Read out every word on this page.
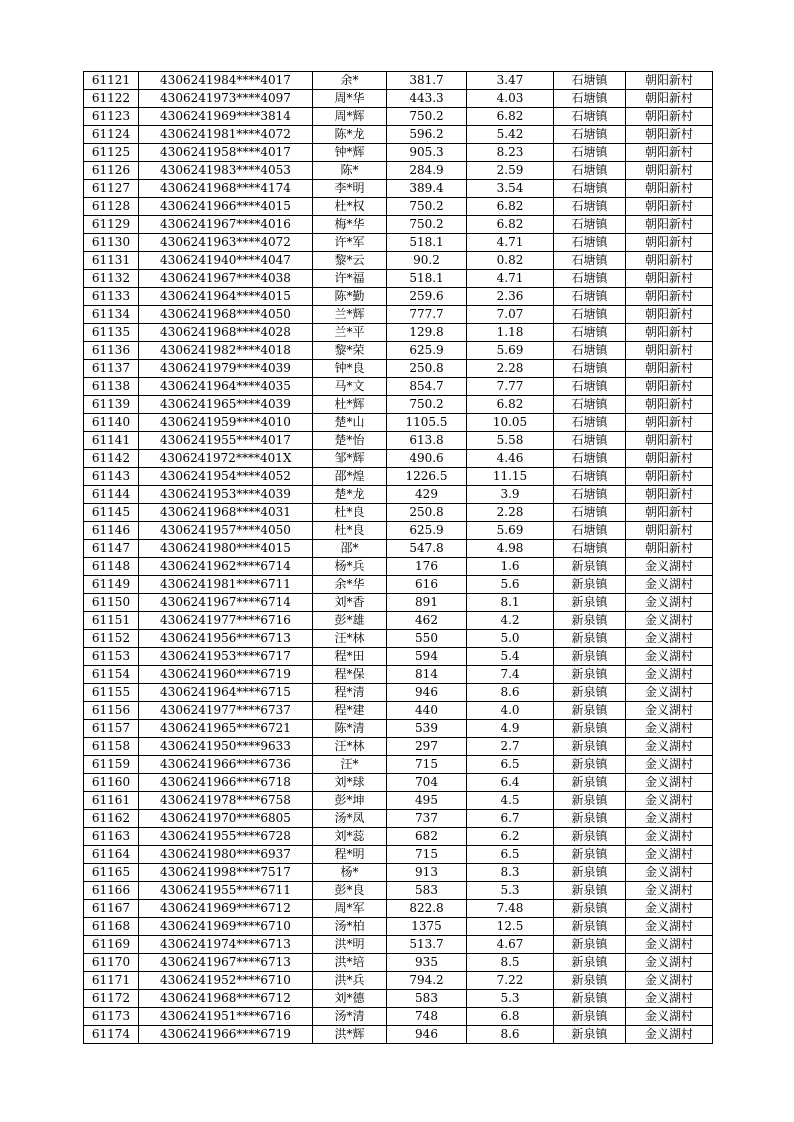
61121	4306241984****4017	余*	381.7	3.47	石塘镇	朝阳新村
61122	4306241973****4097	周*华	443.3	4.03	石塘镇	朝阳新村
61123	4306241969****3814	周*辉	750.2	6.82	石塘镇	朝阳新村
61124	4306241981****4072	陈*龙	596.2	5.42	石塘镇	朝阳新村
61125	4306241958****4017	钟*辉	905.3	8.23	石塘镇	朝阳新村
61126	4306241983****4053	陈*	284.9	2.59	石塘镇	朝阳新村
61127	4306241968****4174	李*明	389.4	3.54	石塘镇	朝阳新村
61128	4306241966****4015	杜*权	750.2	6.82	石塘镇	朝阳新村
61129	4306241967****4016	梅*华	750.2	6.82	石塘镇	朝阳新村
61130	4306241963****4072	许*军	518.1	4.71	石塘镇	朝阳新村
61131	4306241940****4047	黎*云	90.2	0.82	石塘镇	朝阳新村
61132	4306241967****4038	许*福	518.1	4.71	石塘镇	朝阳新村
61133	4306241964****4015	陈*勤	259.6	2.36	石塘镇	朝阳新村
61134	4306241968****4050	兰*辉	777.7	7.07	石塘镇	朝阳新村
61135	4306241968****4028	兰*平	129.8	1.18	石塘镇	朝阳新村
61136	4306241982****4018	黎*荣	625.9	5.69	石塘镇	朝阳新村
61137	4306241979****4039	钟*良	250.8	2.28	石塘镇	朝阳新村
61138	4306241964****4035	马*文	854.7	7.77	石塘镇	朝阳新村
61139	4306241965****4039	杜*辉	750.2	6.82	石塘镇	朝阳新村
61140	4306241959****4010	楚*山	1105.5	10.05	石塘镇	朝阳新村
61141	4306241955****4017	楚*怡	613.8	5.58	石塘镇	朝阳新村
61142	4306241972****401X	邹*辉	490.6	4.46	石塘镇	朝阳新村
61143	4306241954****4052	邵*煌	1226.5	11.15	石塘镇	朝阳新村
61144	4306241953****4039	楚*龙	429	3.9	石塘镇	朝阳新村
61145	4306241968****4031	杜*良	250.8	2.28	石塘镇	朝阳新村
61146	4306241957****4050	杜*良	625.9	5.69	石塘镇	朝阳新村
61147	4306241980****4015	邵*	547.8	4.98	石塘镇	朝阳新村
61148	4306241962****6714	杨*兵	176	1.6	新泉镇	金义湖村
61149	4306241981****6711	余*华	616	5.6	新泉镇	金义湖村
61150	4306241967****6714	刘*香	891	8.1	新泉镇	金义湖村
61151	4306241977****6716	彭*雄	462	4.2	新泉镇	金义湖村
61152	4306241956****6713	汪*林	550	5.0	新泉镇	金义湖村
61153	4306241953****6717	程*田	594	5.4	新泉镇	金义湖村
61154	4306241960****6719	程*保	814	7.4	新泉镇	金义湖村
61155	4306241964****6715	程*清	946	8.6	新泉镇	金义湖村
61156	4306241977****6737	程*建	440	4.0	新泉镇	金义湖村
61157	4306241965****6721	陈*清	539	4.9	新泉镇	金义湖村
61158	4306241950****9633	汪*林	297	2.7	新泉镇	金义湖村
61159	4306241966****6736	汪*	715	6.5	新泉镇	金义湖村
61160	4306241966****6718	刘*球	704	6.4	新泉镇	金义湖村
61161	4306241978****6758	彭*坤	495	4.5	新泉镇	金义湖村
61162	4306241970****6805	汤*凤	737	6.7	新泉镇	金义湖村
61163	4306241955****6728	刘*蕊	682	6.2	新泉镇	金义湖村
61164	4306241980****6937	程*明	715	6.5	新泉镇	金义湖村
61165	4306241998****7517	杨*	913	8.3	新泉镇	金义湖村
61166	4306241955****6711	彭*良	583	5.3	新泉镇	金义湖村
61167	4306241969****6712	周*军	822.8	7.48	新泉镇	金义湖村
61168	4306241969****6710	汤*柏	1375	12.5	新泉镇	金义湖村
61169	4306241974****6713	洪*明	513.7	4.67	新泉镇	金义湖村
61170	4306241967****6713	洪*培	935	8.5	新泉镇	金义湖村
61171	4306241952****6710	洪*兵	794.2	7.22	新泉镇	金义湖村
61172	4306241968****6712	刘*德	583	5.3	新泉镇	金义湖村
61173	4306241951****6716	汤*清	748	6.8	新泉镇	金义湖村
61174	4306241966****6719	洪*辉	946	8.6	新泉镇	金义湖村
